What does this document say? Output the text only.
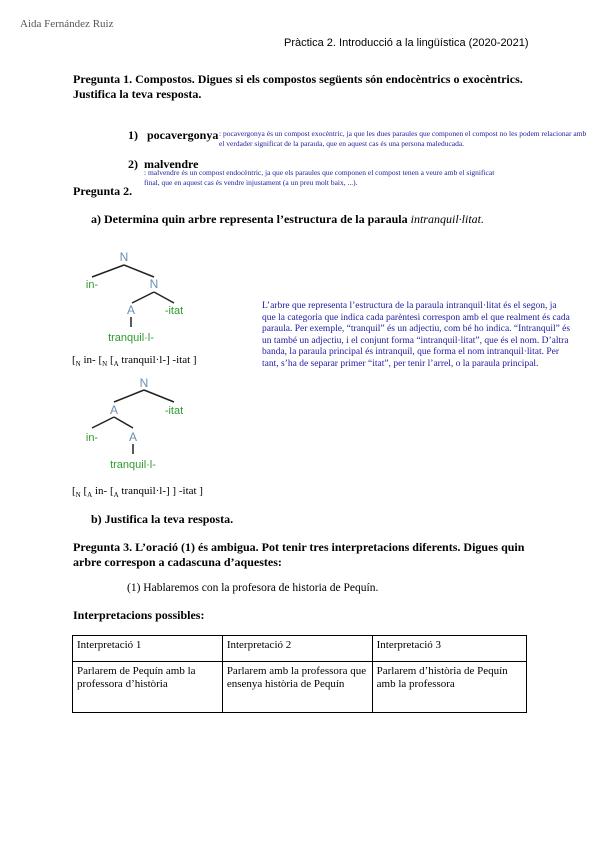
Aida Fernández Ruiz
Pràctica 2. Introducció a la lingüística (2020-2021)
Pregunta 1. Compostos. Digues si els compostos següents són endocèntrics o exocèntrics. Justifica la teva resposta.
1) pocavergonya : pocavergonya és un compost exocèntric, ja que les dues paraules que componen el compost no les podem relacionar amb el verdader significat de la paraula, que en aquest cas és una persona maleducada.
2) malvendre
: malvendre és un compost endocèntric, ja que els paraules que componen el compost tenen a veure amb el significat final, que en aquest cas és vendre injustament (a un preu molt baix, ...).
Pregunta 2.
a) Determina quin arbre representa l’estructura de la paraula intranquil·litat.
N
in-	N
A	-itat
tranquil·l-
[$_N$ in- [$_N$ [$_A$ tranquil·l-] -itat ]
N
A	-itat
in-	A
tranquil·l-
[$_N$ [$_A$ in- [$_A$ tranquil·l-] ] -itat ]
L’arbre que representa l’estructura de la paraula intranquil·litat és el segon, ja que la categoria que indica cada parèntesi correspon amb el que realment és cada paraula. Per exemple, “tranquil” és un adjectiu, com bé ho indica. “Intranquil” és un també un adjectiu, i el conjunt forma “intranquil·litat”, que és el nom. D’altra banda, la paraula principal és intranquil, que forma el nom intranquil·litat. Per tant, s’ha de separar primer “itat”, per tenir l’arrel, o la paraula principal.
b) Justifica la teva resposta.
Pregunta 3. L’oració (1) és ambigua. Pot tenir tres interpretacions diferents. Digues quin arbre correspon a cadascuna d’aquestes:
(1) Hablaremos con la profesora de historia de Pequín.
Interpretacions possibles:
Interpretació 1	Interpretació 2	Interpretació 3
Parlarem de Pequín amb la professora d’història	Parlarem amb la professora que ensenya història de Pequín	Parlarem d’història de Pequín amb la professora
